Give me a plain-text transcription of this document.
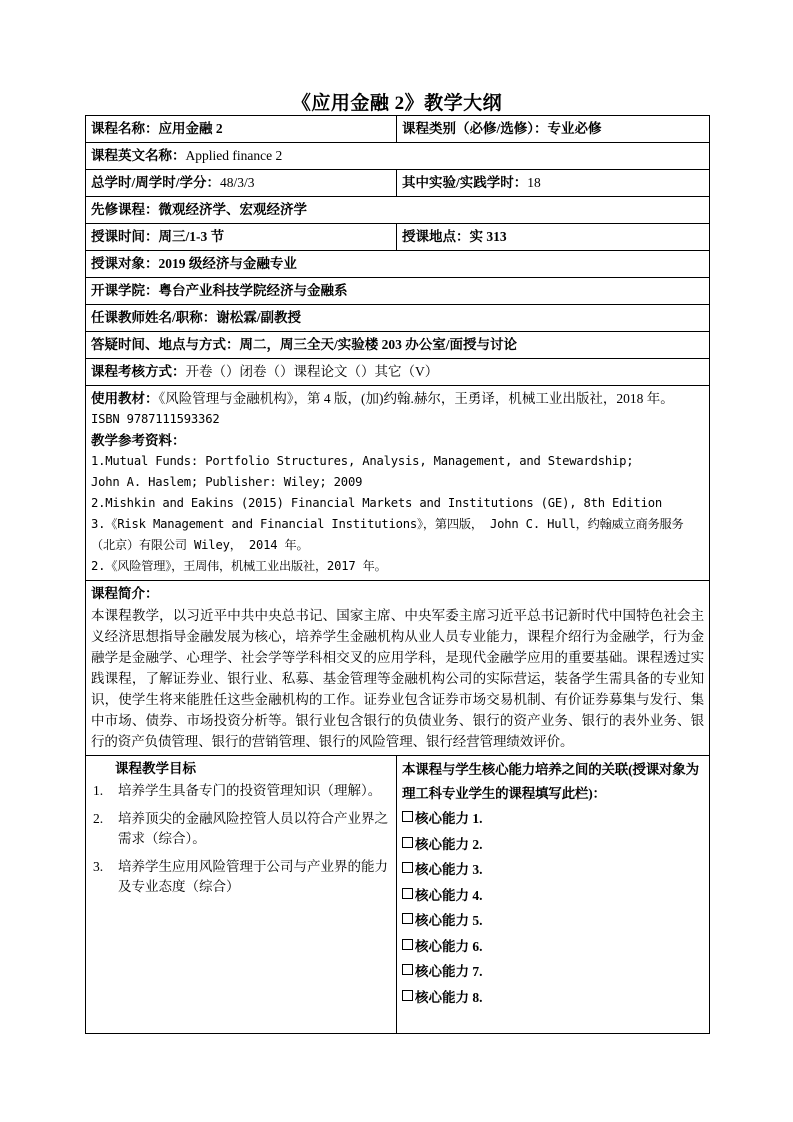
《应用金融 2》教学大纲
课程名称：应用金融 2	课程类别（必修/选修）：专业必修
课程英文名称：Applied finance 2	
总学时/周学时/学分：48/3/3	其中实验/实践学时：18
先修课程：微观经济学、宏观经济学	
授课时间：周三/1-3 节	授课地点：实 313
授课对象：2019 级经济与金融专业	
开课学院：粤台产业科技学院经济与金融系	
任课教师姓名/职称：谢松霖/副教授	
答疑时间、地点与方式：周二，周三全天/实验楼 203 办公室/面授与讨论	
课程考核方式：开卷（）闭卷（）课程论文（）其它（V）	

使用教材：《风险管理与金融机构》，第 4 版，(加)约翰.赫尔，王勇译，机械工业出版社，2018 年。
ISBN 9787111593362
教学参考资料：
1.Mutual Funds: Portfolio Structures, Analysis, Management, and Stewardship;
John A. Haslem; Publisher: Wiley; 2009
2.Mishkin and Eakins (2015) Financial Markets and Institutions (GE), 8th Edition
3.《Risk Management and Financial Institutions》，第四版， John C. Hull，约翰威立商务服务（北京）有限公司 Wiley， 2014 年。
2.《风险管理》，王周伟，机械工业出版社，2017 年。

课程简介：
本课程教学，以习近平中共中央总书记、国家主席、中央军委主席习近平总书记新时代中国特色社会主义经济思想指导金融发展为核心，培养学生金融机构从业人员专业能力，课程介绍行为金融学，行为金融学是金融学、心理学、社会学等学科相交叉的应用学科，是现代金融学应用的重要基础。课程透过实践课程，了解证券业、银行业、私募、基金管理等金融机构公司的实际营运，装备学生需具备的专业知识，使学生将来能胜任这些金融机构的工作。证券业包含证券市场交易机制、有价证券募集与发行、集中市场、债券、市场投资分析等。银行业包含银行的负债业务、银行的资产业务、银行的表外业务、银行的资产负债管理、银行的营销管理、银行的风险管理、银行经营管理绩效评价。	

课程教学目标
1. 培养学生具备专门的投资管理知识（理解）。
2. 培养顶尖的金融风险控管人员以符合产业界之需求（综合）。
3. 培养学生应用风险管理于公司与产业界的能力及专业态度（综合）

本课程与学生核心能力培养之间的关联(授课对象为理工科专业学生的课程填写此栏)：
核心能力 1.
核心能力 2.
核心能力 3.
核心能力 4.
核心能力 5.
核心能力 6.
核心能力 7.
核心能力 8.
